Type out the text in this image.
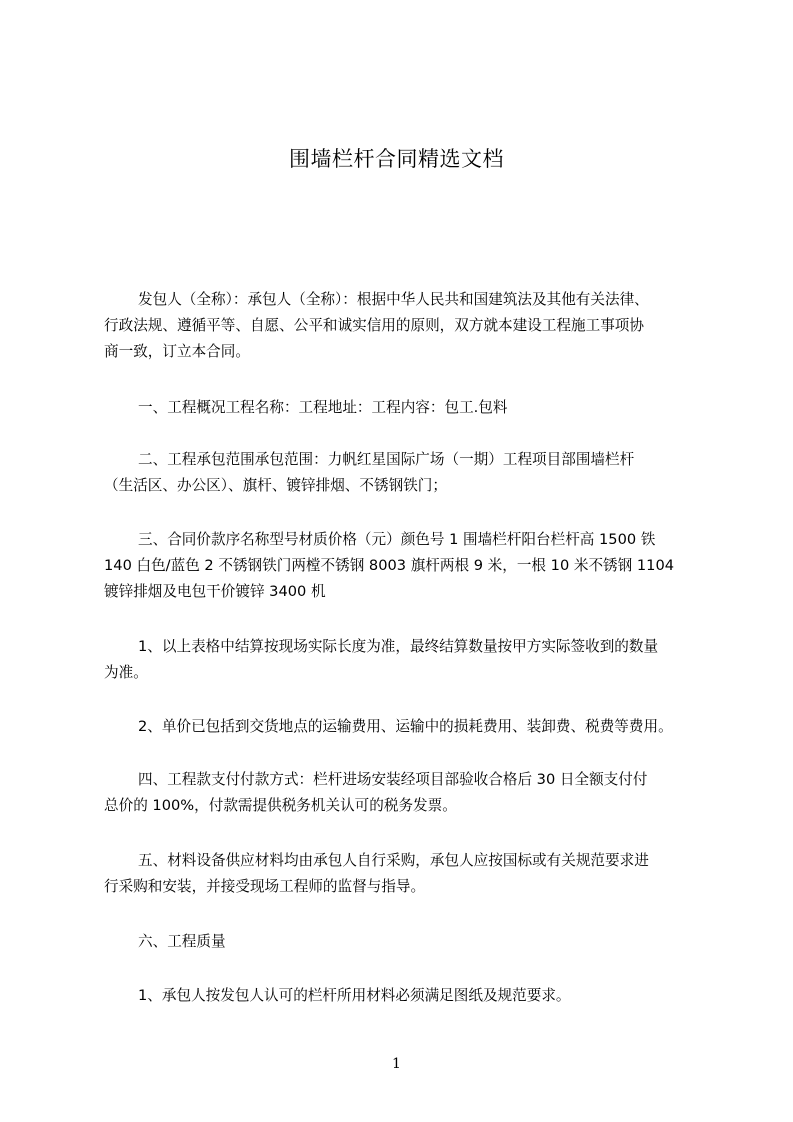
围墙栏杆合同精选文档
发包人（全称）：承包人（全称）：根据中华人民共和国建筑法及其他有关法律、
行政法规、遵循平等、自愿、公平和诚实信用的原则，双方就本建设工程施工事项协
商一致，订立本合同。
一、工程概况工程名称：工程地址：工程内容：包工.包料
二、工程承包范围承包范围：力帆红星国际广场（一期）工程项目部围墙栏杆
（生活区、办公区）、旗杆、镀锌排烟、不锈钢铁门；
三、合同价款序名称型号材质价格（元）颜色号 1 围墙栏杆阳台栏杆高 1500 铁
140 白色/蓝色 2 不锈钢铁门两樘不锈钢 8003 旗杆两根 9 米，一根 10 米不锈钢 1104
镀锌排烟及电包干价镀锌 3400 机
1、以上表格中结算按现场实际长度为准，最终结算数量按甲方实际签收到的数量
为准。
2、单价已包括到交货地点的运输费用、运输中的损耗费用、装卸费、税费等费用。
四、工程款支付付款方式：栏杆进场安装经项目部验收合格后 30 日全额支付付
总价的 100%，付款需提供税务机关认可的税务发票。
五、材料设备供应材料均由承包人自行采购，承包人应按国标或有关规范要求进
行采购和安装，并接受现场工程师的监督与指导。
六、工程质量
1、承包人按发包人认可的栏杆所用材料必须满足图纸及规范要求。
1
